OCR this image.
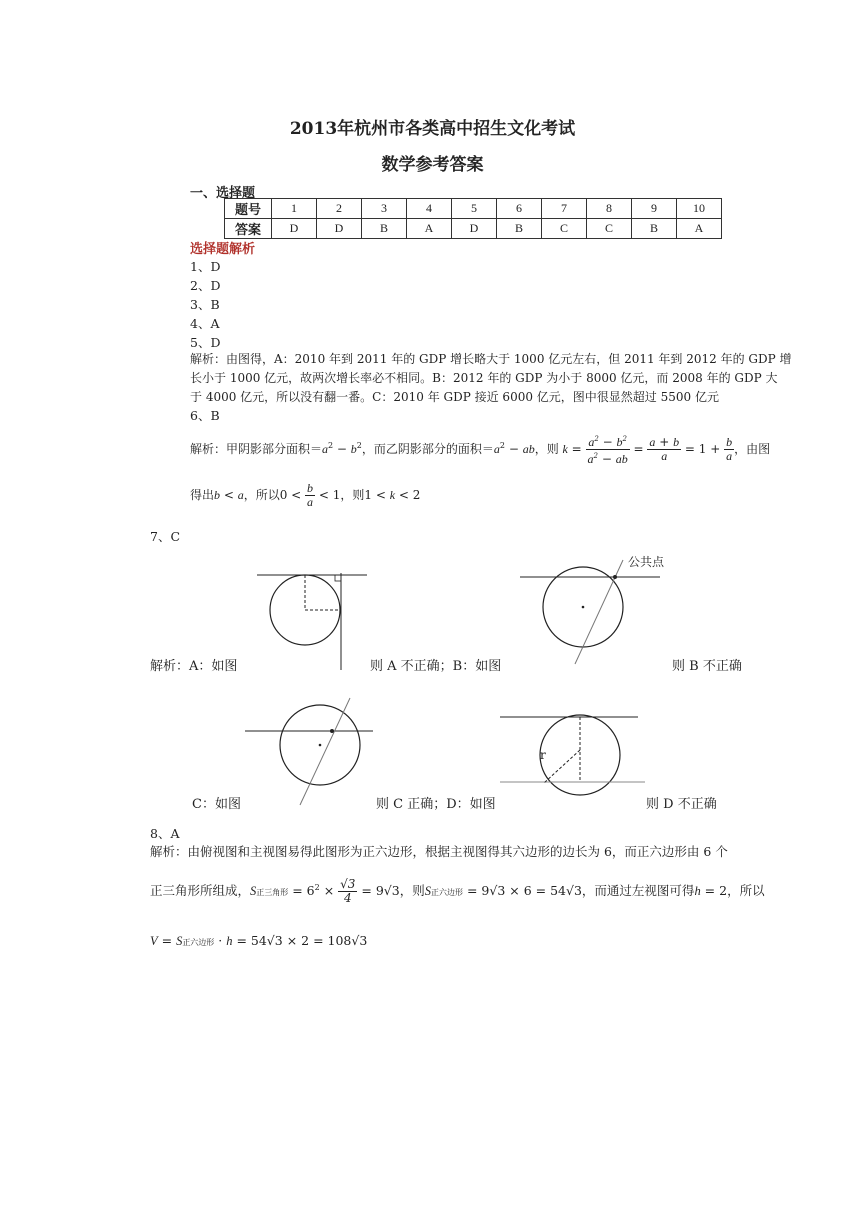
2013年杭州市各类高中招生文化考试
数学参考答案
一、选择题
题号	1	2	3	4	5	6	7	8	9	10
答案	D	D	B	A	D	B	C	C	B	A
选择题解析
1、D
2、D
3、B
4、A
5、D
解析：由图得，A：2010 年到 2011 年的 GDP 增长略大于 1000 亿元左右，但 2011 年到 2012 年的 GDP 增
长小于 1000 亿元，故两次增长率必不相同。B：2012 年的 GDP 为小于 8000 亿元，而 2008 年的 GDP 大
于 4000 亿元，所以没有翻一番。C：2010 年 GDP 接近 6000 亿元，图中很显然超过 5500 亿元
6、B
解析：甲阴影部分面积$=a^2 - b^2$，而乙阴影部分的面积$=a^2$ − ab，则 $k = \frac{a^2 - b^2}{a^2 - ab} = \frac{a + b}{a} = 1 + \frac{b}{a}$ ，由图
得出b < a，所以$0 < \frac{b}{a} < 1$，则1 < k < 2
7、C
公共点
解析：A：如图	则 A 不正确；B：如图	则 B 不正确
r
C：如图	则 C 正确；D：如图	则 D 不正确
8、A
解析：由俯视图和主视图易得此图形为正六边形，根据主视图得其六边形的边长为 6，而正六边形由 6 个
正三角形所组成，S正三角形 = $6^2 \times \frac{√3}{4} = 9√3$，则S正六边形 = 9√3 × 6 = 54√3，而通过左视图可得h = 2，所以
V = S正六边形 · h = 54√3 × 2 = 108√3
